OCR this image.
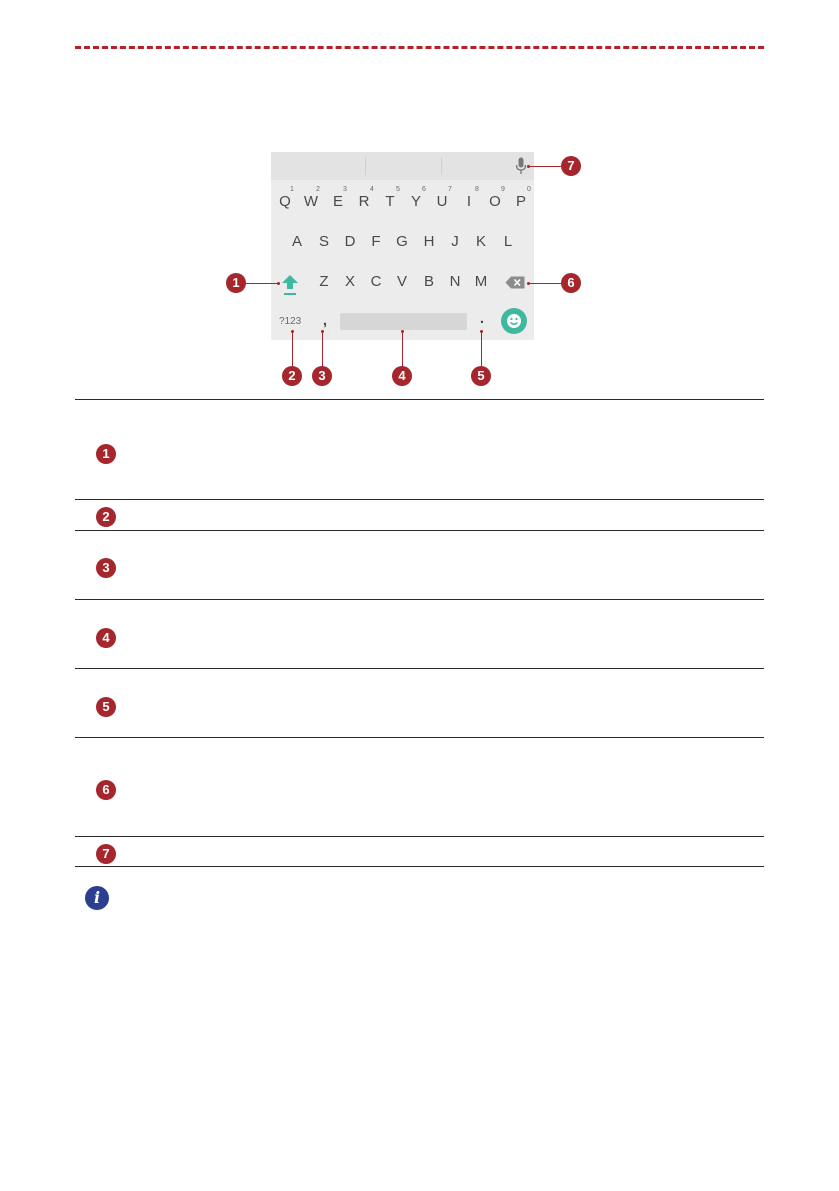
1	2	3	4	5	6	7	8	9	0
Q W E	R	T	Y	U	I	O	P
A	S	D	F	G	H	J	K	L
Z	X	C	V	B	N M
?123	,	.
1	6
7
2	3	4	5
1
2
3
4
5
6
7
i
